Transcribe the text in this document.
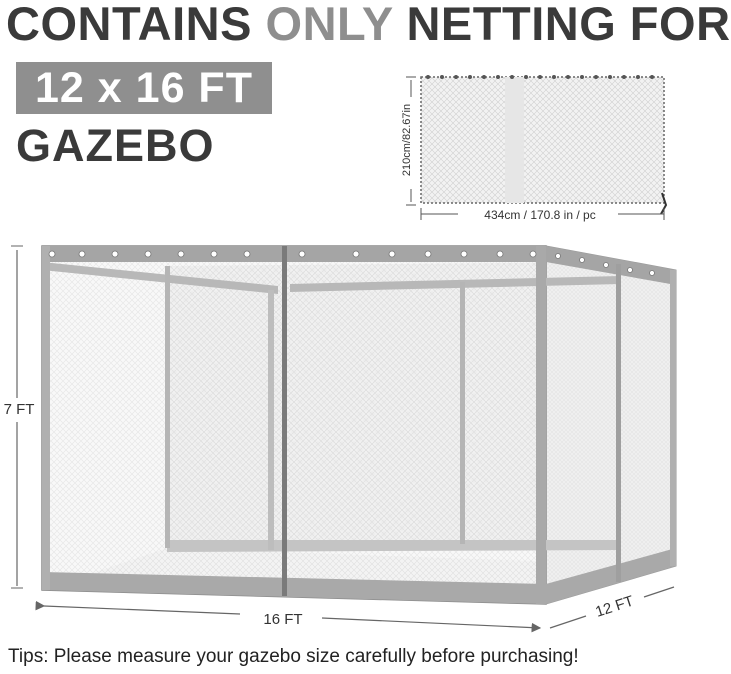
CONTAINS ONLY NETTING FOR
12 x 16 FT
GAZEBO	210cm/82.67in
434cm / 170.8 in / pc
7 FT
16 FT	12 FT
Tips: Please measure your gazebo size carefully before purchasing!
